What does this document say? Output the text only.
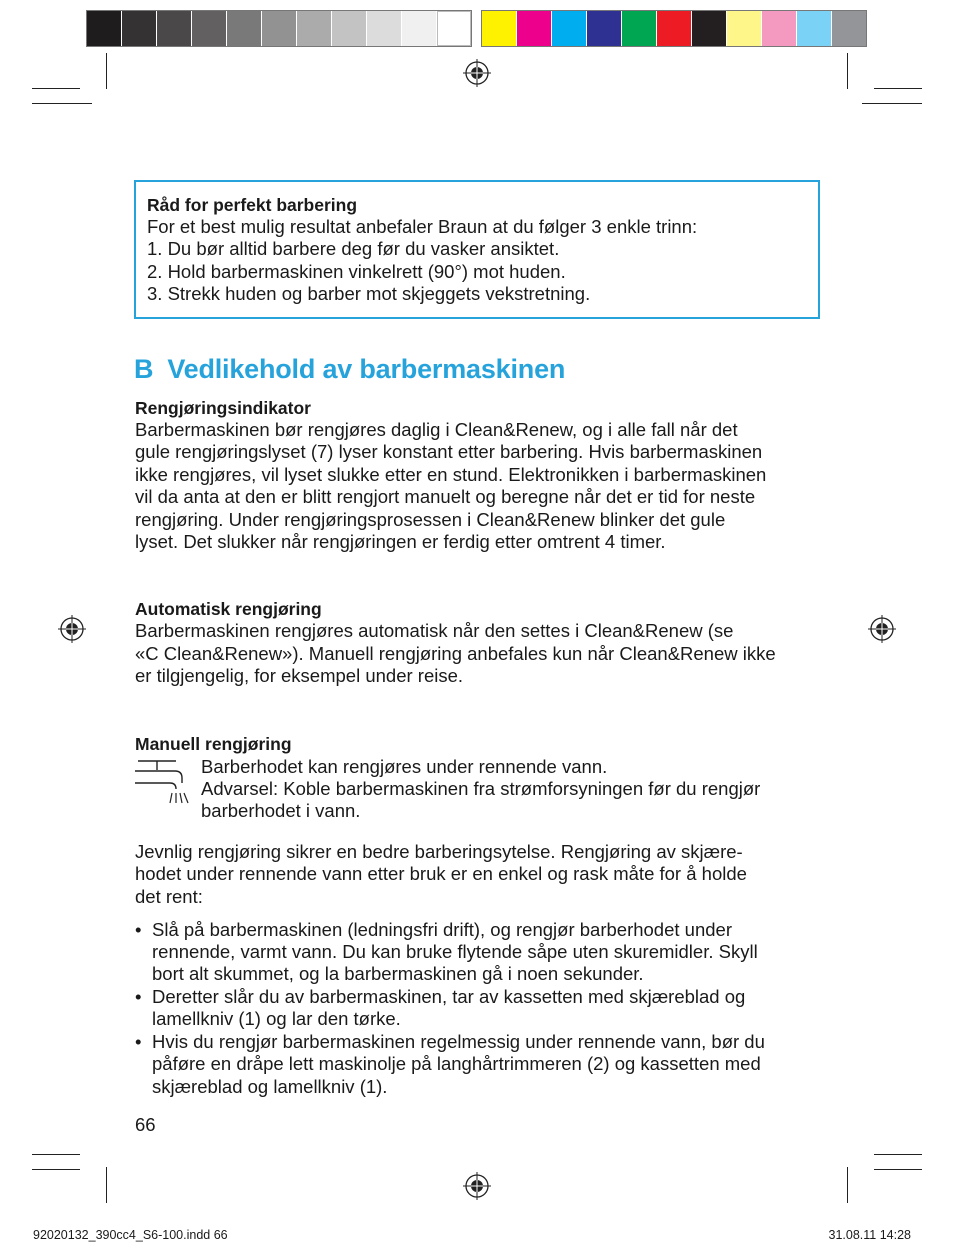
Råd for perfekt barbering
For et best mulig resultat anbefaler Braun at du følger 3 enkle trinn:
1. Du bør alltid barbere deg før du vasker ansiktet.
2. Hold barbermaskinen vinkelrett (90°) mot huden.
3. Strekk huden og barber mot skjeggets vekstretning.
B Vedlikehold av barbermaskinen
Rengjøringsindikator
Barbermaskinen bør rengjøres daglig i Clean&Renew, og i alle fall når det
gule rengjøringslyset (7) lyser konstant etter barbering. Hvis barbermaskinen
ikke rengjøres, vil lyset slukke etter en stund. Elektronikken i barbermaskinen
vil da anta at den er blitt rengjort manuelt og beregne når det er tid for neste
rengjøring. Under rengjøringsprosessen i Clean&Renew blinker det gule
lyset. Det slukker når rengjøringen er ferdig etter omtrent 4 timer.
Automatisk rengjøring
Barbermaskinen rengjøres automatisk når den settes i Clean&Renew (se
«C Clean&Renew»). Manuell rengjøring anbefales kun når Clean&Renew ikke
er tilgjengelig, for eksempel under reise.
Manuell rengjøring
Barberhodet kan rengjøres under rennende vann.
Advarsel: Koble barbermaskinen fra strømforsyningen før du rengjør
barberhodet i vann.
Jevnlig rengjøring sikrer en bedre barberingsytelse. Rengjøring av skjære-
hodet under rennende vann etter bruk er en enkel og rask måte for å holde
det rent:
• Slå på barbermaskinen (ledningsfri drift), og rengjør barberhodet under
rennende, varmt vann. Du kan bruke flytende såpe uten skuremidler. Skyll
bort alt skummet, og la barbermaskinen gå i noen sekunder.
• Deretter slår du av barbermaskinen, tar av kassetten med skjæreblad og
lamellkniv (1) og lar den tørke.
• Hvis du rengjør barbermaskinen regelmessig under rennende vann, bør du
påføre en dråpe lett maskinolje på langhårtrimmeren (2) og kassetten med
skjæreblad og lamellkniv (1).
66
92020132_390cc4_S6-100.indd 66	31.08.11 14:28
